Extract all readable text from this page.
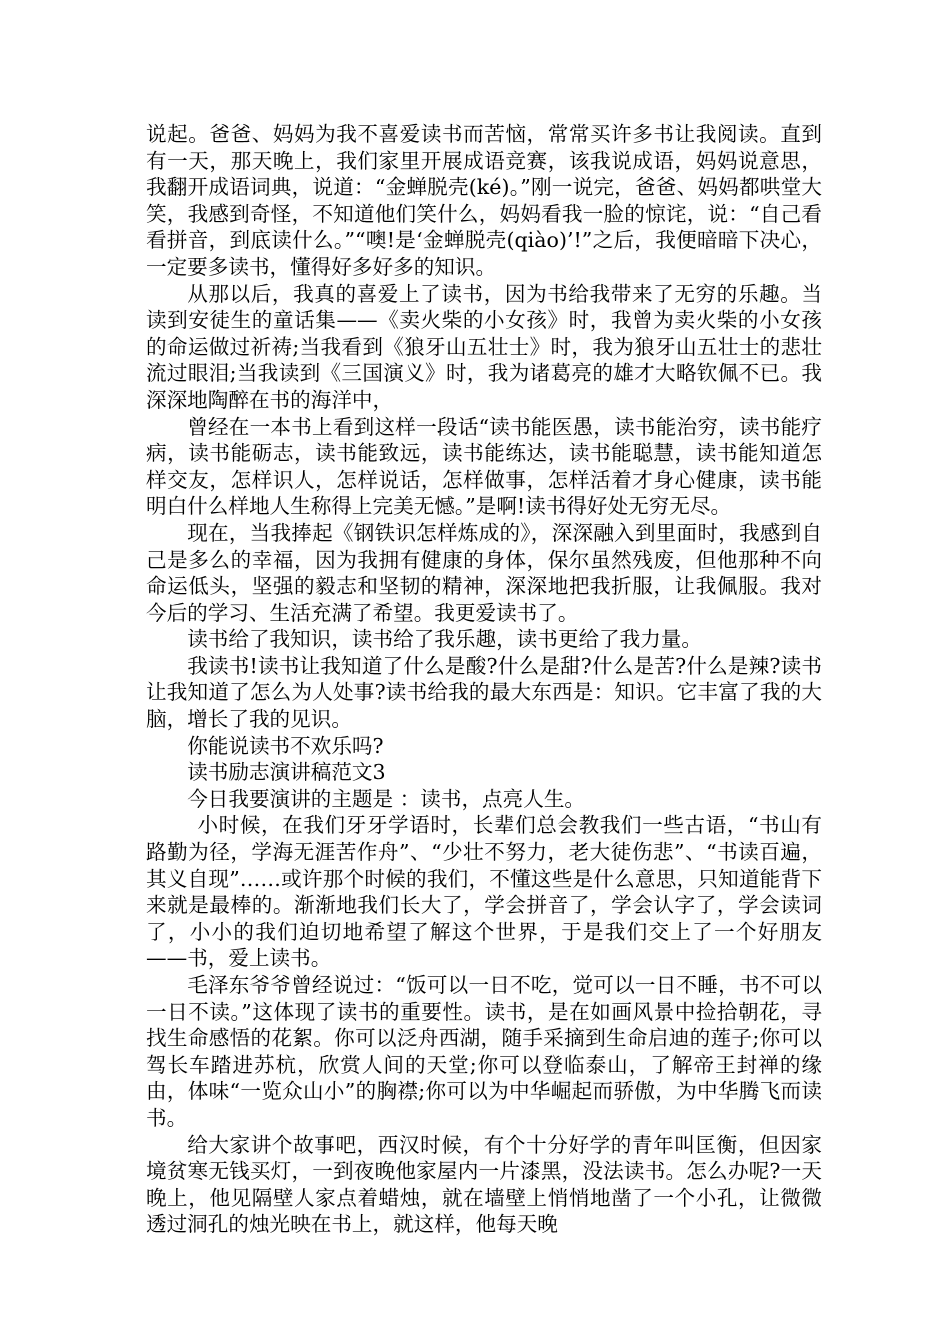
说起。爸爸、妈妈为我不喜爱读书而苦恼，常常买许多书让我阅读。直到有一天，那天晚上，我们家里开展成语竞赛，该我说成语，妈妈说意思，我翻开成语词典，说道：“金蝉脱壳(ké)。”刚一说完，爸爸、妈妈都哄堂大笑，我感到奇怪，不知道他们笑什么，妈妈看我一脸的惊诧，说：“自己看看拼音，到底读什么。”“噢!是‘金蝉脱壳(qiào)’!”之后，我便暗暗下决心，一定要多读书，懂得好多好多的知识。

从那以后，我真的喜爱上了读书，因为书给我带来了无穷的乐趣。当读到安徒生的童话集——《卖火柴的小女孩》时，我曾为卖火柴的小女孩的命运做过祈祷;当我看到《狼牙山五壮士》时，我为狼牙山五壮士的悲壮流过眼泪;当我读到《三国演义》时，我为诸葛亮的雄才大略钦佩不已。我深深地陶醉在书的海洋中，

曾经在一本书上看到这样一段话“读书能医愚，读书能治穷，读书能疗病，读书能砺志，读书能致远，读书能练达，读书能聪慧，读书能知道怎样交友，怎样识人，怎样说话，怎样做事，怎样活着才身心健康，读书能明白什么样地人生称得上完美无憾。”是啊!读书得好处无穷无尽。

现在，当我捧起《钢铁识怎样炼成的》，深深融入到里面时，我感到自己是多么的幸福，因为我拥有健康的身体，保尔虽然残废，但他那种不向命运低头，坚强的毅志和坚韧的精神，深深地把我折服，让我佩服。我对今后的学习、生活充满了希望。我更爱读书了。

读书给了我知识，读书给了我乐趣，读书更给了我力量。

我读书!读书让我知道了什么是酸?什么是甜?什么是苦?什么是辣?读书让我知道了怎么为人处事?读书给我的最大东西是：知识。它丰富了我的大脑，增长了我的见识。

你能说读书不欢乐吗?

读书励志演讲稿范文3

今日我要演讲的主题是 ：读书，点亮人生。

小时候，在我们牙牙学语时，长辈们总会教我们一些古语，“书山有路勤为径，学海无涯苦作舟”、“少壮不努力，老大徒伤悲”、“书读百遍，其义自现”……或许那个时候的我们，不懂这些是什么意思，只知道能背下来就是最棒的。渐渐地我们长大了，学会拼音了，学会认字了，学会读词了，小小的我们迫切地希望了解这个世界，于是我们交上了一个好朋友——书，爱上读书。

毛泽东爷爷曾经说过：“饭可以一日不吃，觉可以一日不睡，书不可以一日不读。”这体现了读书的重要性。读书，是在如画风景中捡拾朝花，寻找生命感悟的花絮。你可以泛舟西湖，随手采摘到生命启迪的莲子;你可以驾长车踏进苏杭，欣赏人间的天堂;你可以登临泰山，了解帝王封禅的缘由，体味“一览众山小”的胸襟;你可以为中华崛起而骄傲，为中华腾飞而读书。

给大家讲个故事吧，西汉时候，有个十分好学的青年叫匡衡，但因家境贫寒无钱买灯，一到夜晚他家屋内一片漆黑，没法读书。怎么办呢?一天晚上，他见隔壁人家点着蜡烛，就在墙壁上悄悄地凿了一个小孔，让微微透过洞孔的烛光映在书上，就这样，他每天晚
